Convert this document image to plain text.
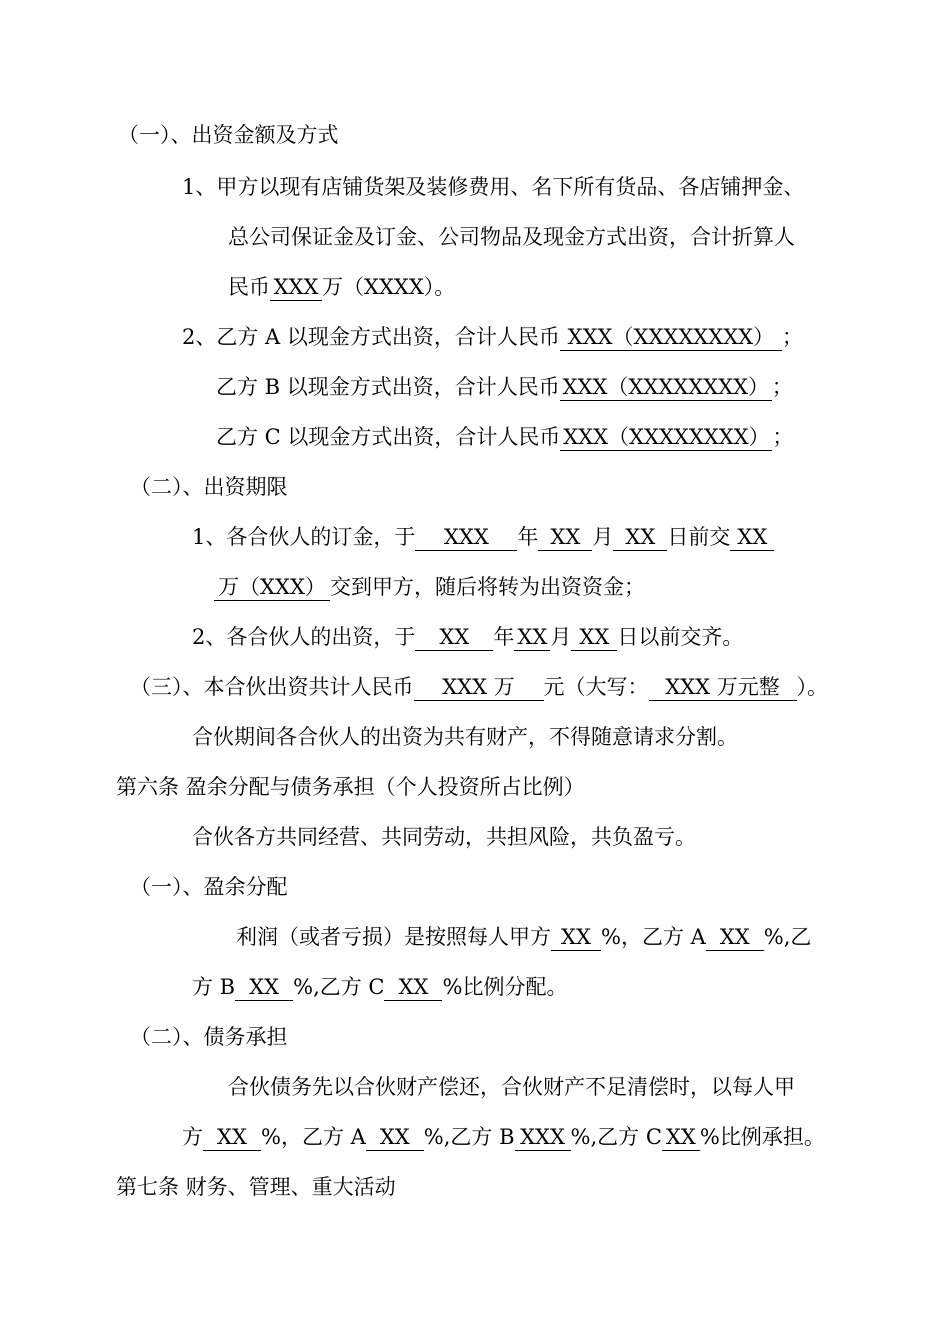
（一）、出资金额及方式
1、甲方以现有店铺货架及装修费用、名下所有货品、各店铺押金、
总公司保证金及订金、公司物品及现金方式出资，合计折算人
民币 XXX 万（XXXX）。
2、乙方 A 以现金方式出资，合计人民币XXX（XXXXXXXX） ；
乙方 B 以现金方式出资，合计人民币 XXX（XXXXXXXX） ；
乙方 C 以现金方式出资，合计人民币 XXX（XXXXXXXX） ；
（二）、出资期限
1、各合伙人的订金，于 XXX 年 XX 月 XX 日前交 XX
万（XXX） 交到甲方，随后将转为出资资金；
2、各合伙人的出资，于 XX 年 XX 月 XX 日以前交齐。
（三）、本合伙出资共计人民币 XXX 万 元（大写： XXX 万元整 ）。
合伙期间各合伙人的出资为共有财产，不得随意请求分割。
第六条 盈余分配与债务承担（个人投资所占比例）
合伙各方共同经营、共同劳动，共担风险，共负盈亏。
（一）、盈余分配
利润（或者亏损）是按照每人甲方 XX %，乙方 A XX %,乙
方 B XX %,乙方 C XX %比例分配。
（二）、债务承担
合伙债务先以合伙财产偿还，合伙财产不足清偿时，以每人甲
方 XX %，乙方 A XX %,乙方 B XXX %,乙方 C XX %比例承担。
第七条 财务、管理、重大活动
